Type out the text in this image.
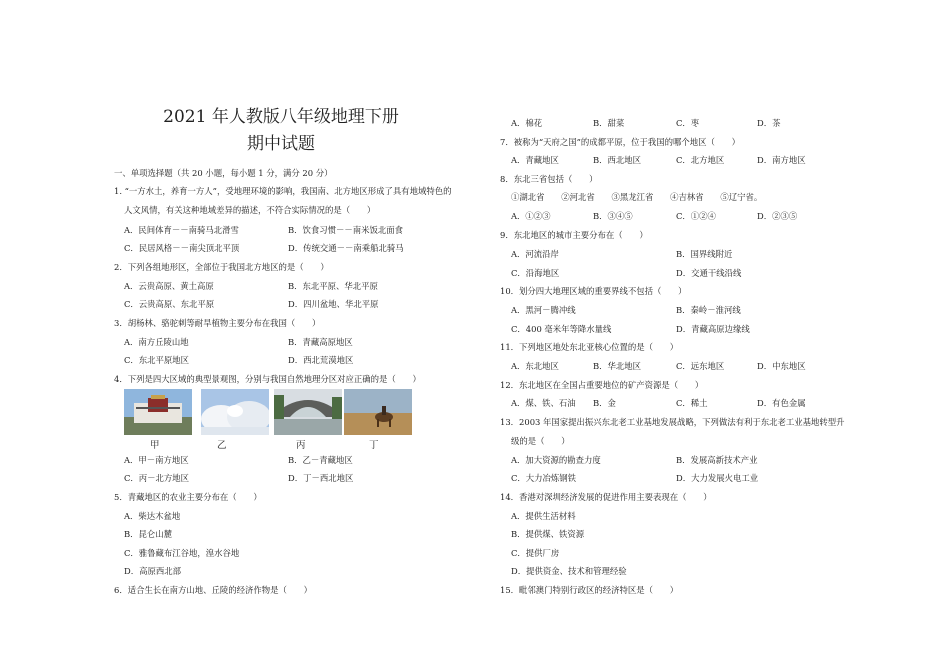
2021 年人教版八年级地理下册
期中试题
一、单项选择题（共 20 小题，每小题 1 分，满分 20 分）
1. “一方水土，养育一方人”，受地理环境的影响，我国南、北方地区形成了具有地域特色的
人文风情，有关这种地域差异的描述，不符合实际情况的是（　　）
A．民间体育－－南骑马北滑雪	B．饮食习惯－－南米饭北面食
C．民居风格－－南尖顶北平顶	D．传统交通－－南乘船北骑马
2．下列各组地形区，全部位于我国北方地区的是（　　）
A．云贵高原、黄土高原	B．东北平原、华北平原
C．云贵高原、东北平原	D．四川盆地、华北平原
3．胡杨林、骆驼刺等耐旱植物主要分布在我国（　　）
A．南方丘陵山地	B．青藏高原地区
C．东北平原地区	D．西北荒漠地区
4．下列是四大区域的典型景观图，分别与我国自然地理分区对应正确的是（　　）
甲	乙	丙	丁
A．甲－南方地区	B．乙－青藏地区
C．丙－北方地区	D．丁－西北地区
5．青藏地区的农业主要分布在（　　）
A．柴达木盆地
B．昆仑山麓
C．雅鲁藏布江谷地，湟水谷地
D．高原西北部
6．适合生长在南方山地、丘陵的经济作物是（　　）
A．棉花	B．甜菜	C．枣	D．茶
7．被称为“天府之国”的成都平原，位于我国的哪个地区（　　）
A．青藏地区	B．西北地区	C．北方地区	D．南方地区
8．东北三省包括（　　）
①湖北省　　②河北省　　③黑龙江省　　④吉林省　　⑤辽宁省。
A．①②③	B．③④⑤	C．①②④	D．②③⑤
9．东北地区的城市主要分布在（　　）
A．河流沿岸	B．国界线附近
C．沿海地区	D．交通干线沿线
10．划分四大地理区域的重要界线不包括（　　）
A．黑河－腾冲线	B．秦岭－淮河线
C．400 毫米年等降水量线	D．青藏高原边缘线
11．下列地区地处东北亚核心位置的是（　　）
A．东北地区	B．华北地区	C．远东地区	D．中东地区
12．东北地区在全国占重要地位的矿产资源是（　　）
A．煤、铁、石油 B．金	C．稀土	D．有色金属
13．2003 年国家提出振兴东北老工业基地发展战略，下列做法有利于东北老工业基地转型升
级的是（　　）
A．加大资源的勘查力度	B．发展高新技术产业
C．大力冶炼钢铁	D．大力发展火电工业
14．香港对深圳经济发展的促进作用主要表现在（　　）
A．提供生活材料
B．提供煤、铁资源
C．提供厂房
D．提供资金、技术和管理经验
15．毗邻澳门特别行政区的经济特区是（　　）
